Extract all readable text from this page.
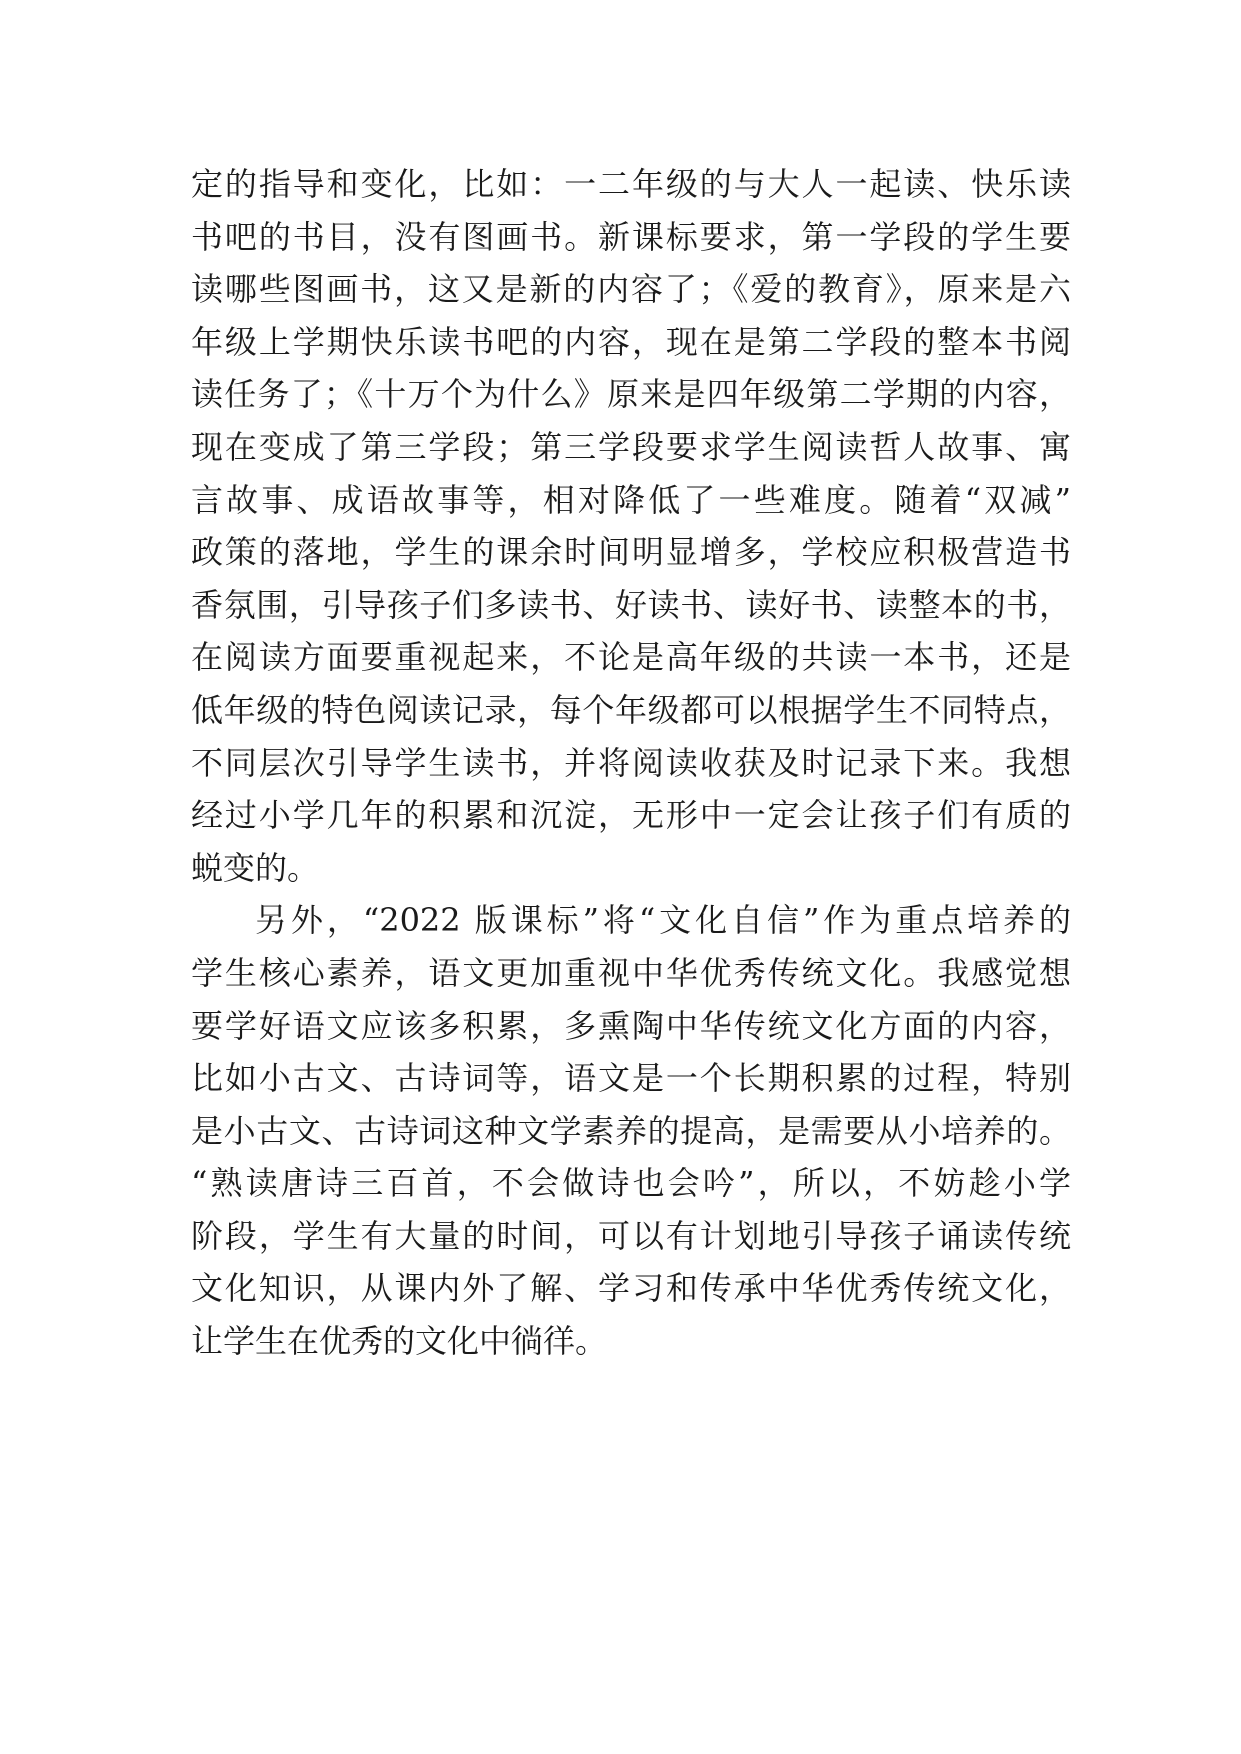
定的指导和变化，比如：一二年级的与大人一起读、快乐读
书吧的书目，没有图画书。新课标要求，第一学段的学生要
读哪些图画书，这又是新的内容了；《爱的教育》，原来是六
年级上学期快乐读书吧的内容，现在是第二学段的整本书阅
读任务了；《十万个为什么》原来是四年级第二学期的内容，
现在变成了第三学段；第三学段要求学生阅读哲人故事、寓
言故事、成语故事等，相对降低了一些难度。随着“双减”
政策的落地，学生的课余时间明显增多，学校应积极营造书
香氛围，引导孩子们多读书、好读书、读好书、读整本的书，
在阅读方面要重视起来，不论是高年级的共读一本书，还是
低年级的特色阅读记录，每个年级都可以根据学生不同特点，
不同层次引导学生读书，并将阅读收获及时记录下来。我想
经过小学几年的积累和沉淀，无形中一定会让孩子们有质的
蜕变的。
另外，“2022 版课标”将“文化自信”作为重点培养的
学生核心素养，语文更加重视中华优秀传统文化。我感觉想
要学好语文应该多积累，多熏陶中华传统文化方面的内容，
比如小古文、古诗词等，语文是一个长期积累的过程，特别
是小古文、古诗词这种文学素养的提高，是需要从小培养的。
“熟读唐诗三百首，不会做诗也会吟”，所以，不妨趁小学
阶段，学生有大量的时间，可以有计划地引导孩子诵读传统
文化知识，从课内外了解、学习和传承中华优秀传统文化，
让学生在优秀的文化中徜徉。
